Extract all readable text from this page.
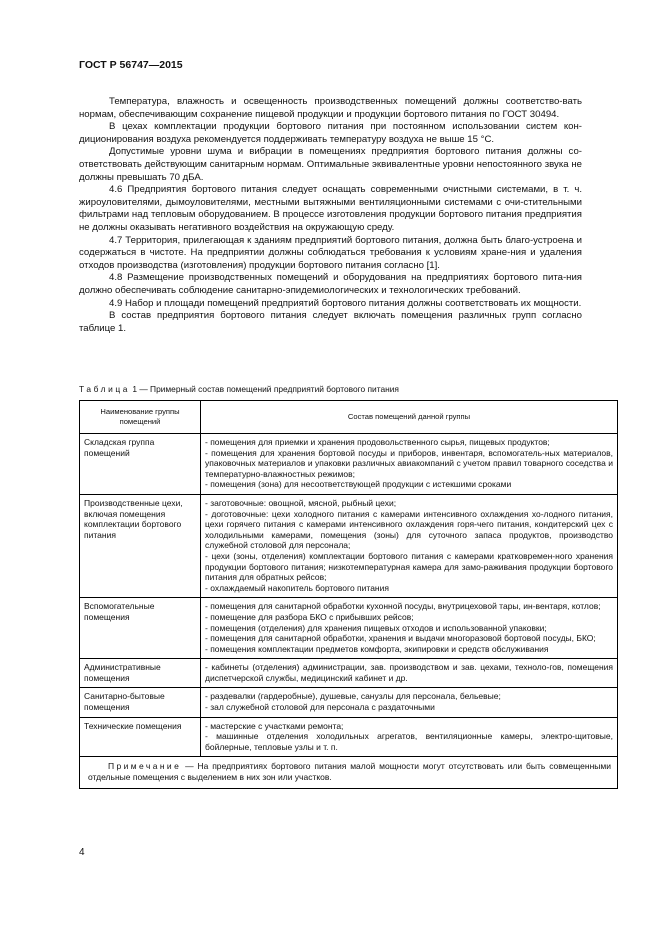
ГОСТ Р 56747—2015

Температура, влажность и освещенность производственных помещений должны соответство-вать нормам, обеспечивающим сохранение пищевой продукции и продукции бортового питания по ГОСТ 30494.

В цехах комплектации продукции бортового питания при постоянном использовании систем кон-диционирования воздуха рекомендуется поддерживать температуру воздуха не выше 15 °С.

Допустимые уровни шума и вибрации в помещениях предприятия бортового питания должны со-ответствовать действующим санитарным нормам. Оптимальные эквивалентные уровни непостоянного звука не должны превышать 70 дБА.

4.6 Предприятия бортового питания следует оснащать современными очистными системами, в т. ч. жироуловителями, дымоуловителями, местными вытяжными вентиляционными системами с очи-стительными фильтрами над тепловым оборудованием. В процессе изготовления продукции бортового питания предприятия не должны оказывать негативного воздействия на окружающую среду.

4.7 Территория, прилегающая к зданиям предприятий бортового питания, должна быть благо-устроена и содержаться в чистоте. На предприятии должны соблюдаться требования к условиям хране-ния и удаления отходов производства (изготовления) продукции бортового питания согласно [1].

4.8 Размещение производственных помещений и оборудования на предприятиях бортового пита-ния должно обеспечивать соблюдение санитарно-эпидемиологических и технологических требований.

4.9 Набор и площади помещений предприятий бортового питания должны соответствовать их мощности.

В состав предприятия бортового питания следует включать помещения различных групп согласно таблице 1.

Таблица 1 — Примерный состав помещений предприятий бортового питания
Наименование группы помещений	Состав помещений данной группы
Складская группа помещений	- помещения для приемки и хранения продовольственного сырья, пищевых продуктов;
- помещения для хранения бортовой посуды и приборов, инвентаря, вспомогатель-ных материалов, упаковочных материалов и упаковки различных авиакомпаний с учетом правил товарного соседства и температурно-влажностных режимов;
- помещения (зона) для несоответствующей продукции с истекшими сроками

Производственные цехи, включая помещения комплектации бортового питания	- заготовочные: овощной, мясной, рыбный цехи;
- доготовочные: цехи холодного питания с камерами интенсивного охлаждения хо-лодного питания, цехи горячего питания с камерами интенсивного охлаждения горя-чего питания, кондитерский цех с холодильными камерами, помещения (зоны) для суточного запаса продуктов, производство служебной столовой для персонала;
- цехи (зоны, отделения) комплектации бортового питания с камерами кратковремен-ного хранения продукции бортового питания; низкотемпературная камера для замо-раживания продукции бортового питания для обратных рейсов;
- охлаждаемый накопитель бортового питания

Вспомогательные помещения	- помещения для санитарной обработки кухонной посуды, внутрицеховой тары, ин-вентаря, котлов;
- помещение для разбора БКО с прибывших рейсов;
- помещения (отделения) для хранения пищевых отходов и использованной упаковки;
- помещения для санитарной обработки, хранения и выдачи многоразовой бортовой посуды, БКО;
- помещения комплектации предметов комфорта, экипировки и средств обслуживания

Административные помещения	- кабинеты (отделения) администрации, зав. производством и зав. цехами, техноло-гов, помещения диспетчерской службы, медицинский кабинет и др.

Санитарно-бытовые помещения	- раздевалки (гардеробные), душевые, санузлы для персонала, бельевые;
- зал служебной столовой для персонала с раздаточными

Технические помещения	- мастерские с участками ремонта;
- машинные отделения холодильных агрегатов, вентиляционные камеры, электро-щитовые, бойлерные, тепловые узлы и т. п.

Примечание — На предприятиях бортового питания малой мощности могут отсутствовать или быть совмещенными отдельные помещения с выделением в них зон или участков.	
4
